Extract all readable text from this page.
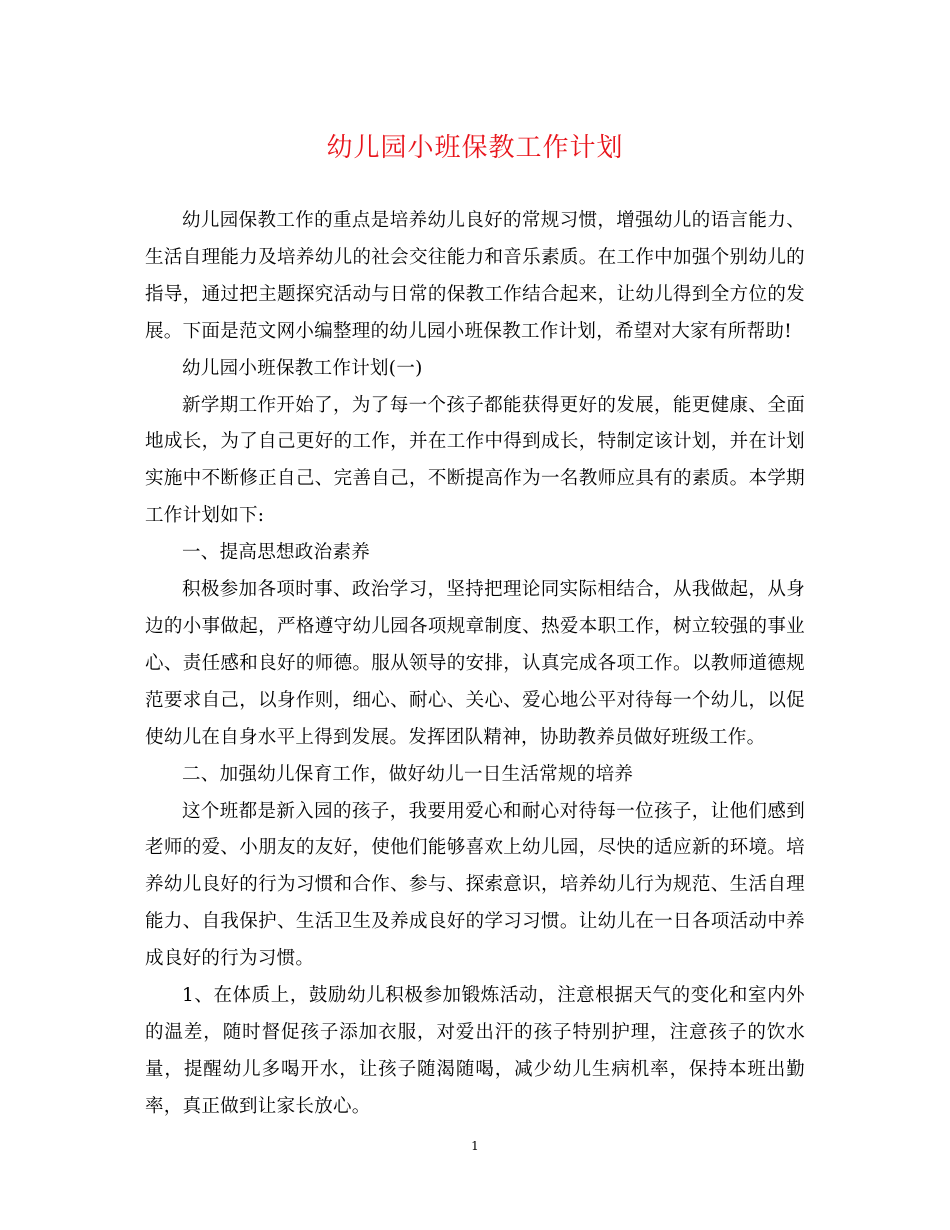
幼儿园小班保教工作计划

幼儿园保教工作的重点是培养幼儿良好的常规习惯，增强幼儿的语言能力、生活自理能力及培养幼儿的社会交往能力和音乐素质。在工作中加强个别幼儿的指导，通过把主题探究活动与日常的保教工作结合起来，让幼儿得到全方位的发展。下面是范文网小编整理的幼儿园小班保教工作计划，希望对大家有所帮助!

幼儿园小班保教工作计划(一)

新学期工作开始了，为了每一个孩子都能获得更好的发展，能更健康、全面地成长，为了自己更好的工作，并在工作中得到成长，特制定该计划，并在计划实施中不断修正自己、完善自己，不断提高作为一名教师应具有的素质。本学期工作计划如下:

一、提高思想政治素养

积极参加各项时事、政治学习，坚持把理论同实际相结合，从我做起，从身边的小事做起，严格遵守幼儿园各项规章制度、热爱本职工作，树立较强的事业心、责任感和良好的师德。服从领导的安排，认真完成各项工作。以教师道德规范要求自己，以身作则，细心、耐心、关心、爱心地公平对待每一个幼儿，以促使幼儿在自身水平上得到发展。发挥团队精神，协助教养员做好班级工作。

二、加强幼儿保育工作，做好幼儿一日生活常规的培养

这个班都是新入园的孩子，我要用爱心和耐心对待每一位孩子，让他们感到老师的爱、小朋友的友好，使他们能够喜欢上幼儿园，尽快的适应新的环境。培养幼儿良好的行为习惯和合作、参与、探索意识，培养幼儿行为规范、生活自理能力、自我保护、生活卫生及养成良好的学习习惯。让幼儿在一日各项活动中养成良好的行为习惯。

1、在体质上，鼓励幼儿积极参加锻炼活动，注意根据天气的变化和室内外的温差，随时督促孩子添加衣服，对爱出汗的孩子特别护理，注意孩子的饮水量，提醒幼儿多喝开水，让孩子随渴随喝，减少幼儿生病机率，保持本班出勤率，真正做到让家长放心。

1
